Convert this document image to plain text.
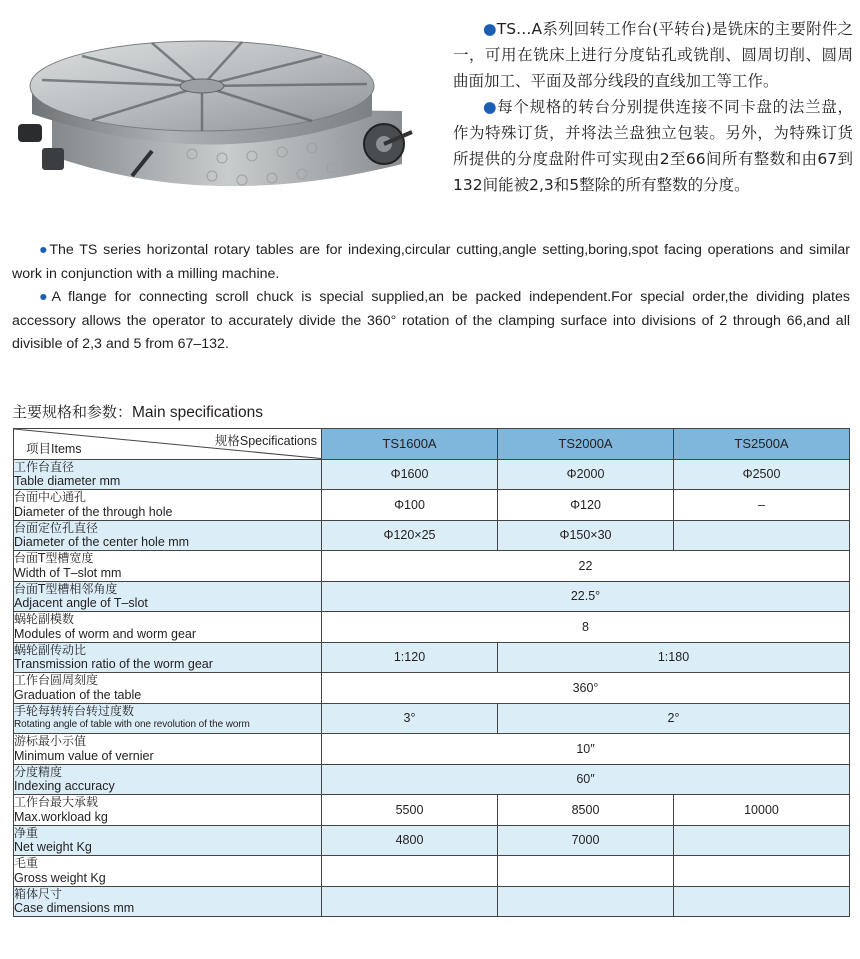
●TS…A系列回转工作台(平转台)是铣床的主要附件之一，可用在铣床上进行分度钻孔或铣削、圆周切削、圆周曲面加工、平面及部分线段的直线加工等工作。

●每个规格的转台分别提供连接不同卡盘的法兰盘，作为特殊订货，并将法兰盘独立包装。另外，为特殊订货所提供的分度盘附件可实现由2至66间所有整数和由67到132间能被2,3和5整除的所有整数的分度。

●The TS series horizontal rotary tables are for indexing,circular cutting,angle setting,boring,spot facing operations and similar work in conjunction with a milling machine.

●A flange for connecting scroll chuck is special supplied,an be packed independent.For special order,the dividing plates accessory allows the operator to accurately divide the 360° rotation of the clamping surface into divisions of 2 through 66,and all divisible of 2,3 and 5 from 67–132.

主要规格和参数：Main specifications
规格Specifications
项目Items	TS1600A	TS2000A	TS2500A

工作台直径
Table diameter mm	Φ1600	Φ2000	Φ2500

台面中心通孔
Diameter of the through hole	Φ100	Φ120	–

台面定位孔直径
Diameter of the center hole mm	Φ120×25	Φ150×30	

台面T型槽宽度
Width of T–slot mm	22		

台面T型槽相邻角度
Adjacent angle of T–slot	22.5°		

蜗轮副模数
Modules of worm and worm gear	8		

蜗轮副传动比
Transmission ratio of the worm gear	1:120	1:180	

工作台圆周刻度
Graduation of the table	360°		

手轮每转转台转过度数
Rotating angle of table with one revolution of the worm	3°	2°	

游标最小示值
Minimum value of vernier	10″		

分度精度
Indexing accuracy	60″		

工作台最大承载
Max.workload kg	5500	8500	10000

净重
Net weight Kg	4800	7000	

毛重
Gross weight Kg			

箱体尺寸
Case dimensions mm			
